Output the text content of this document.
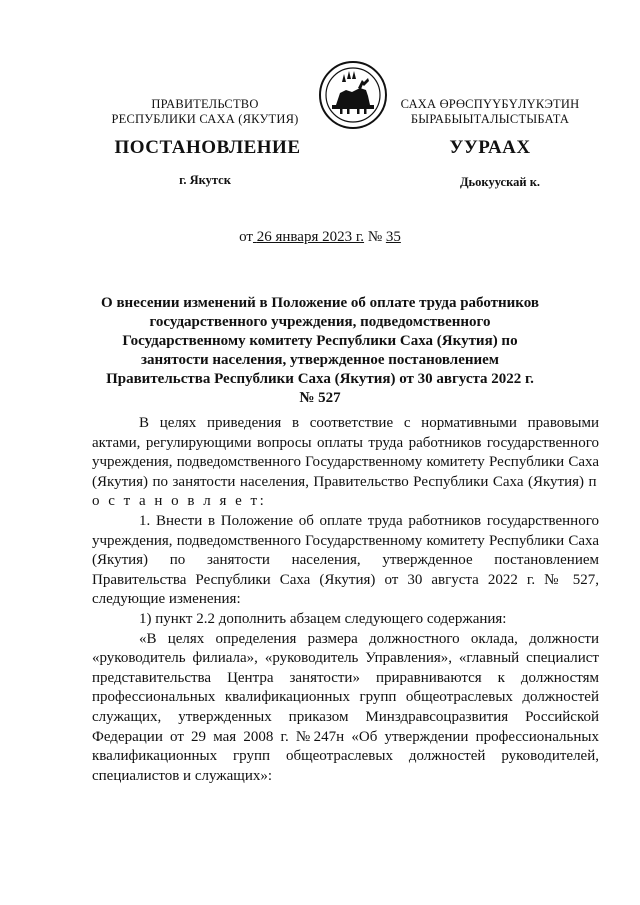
ПРАВИТЕЛЬСТВО
РЕСПУБЛИКИ САХА (ЯКУТИЯ)
САХА ӨРӨСПҮҮБҮЛҮКЭТИН
БЫРАБЫЫТАЛЫСТЫБАТА
ПОСТАНОВЛЕНИЕ	УУРААХ
г. Якутск	Дьокуускай к.
от 26 января 2023 г. № 35
О внесении изменений в Положение об оплате труда работников государственного учреждения, подведомственного Государственному комитету Республики Саха (Якутия) по занятости населения, утвержденное постановлением Правительства Республики Саха (Якутия) от 30 августа 2022 г. № 527

В целях приведения в соответствие с нормативными правовыми актами, регулирующими вопросы оплаты труда работников государственного учреждения, подведомственного Государственному комитету Республики Саха (Якутия) по занятости населения, Правительство Республики Саха (Якутия) п о с т а н о в л я е т:

1. Внести в Положение об оплате труда работников государственного учреждения, подведомственного Государственному комитету Республики Саха (Якутия) по занятости населения, утвержденное постановлением Правительства Республики Саха (Якутия) от 30 августа 2022 г. № 527, следующие изменения:

1) пункт 2.2 дополнить абзацем следующего содержания:

«В целях определения размера должностного оклада, должности «руководитель филиала», «руководитель Управления», «главный специалист представительства Центра занятости» приравниваются к должностям профессиональных квалификационных групп общеотраслевых должностей служащих, утвержденных приказом Минздравсоцразвития Российской Федерации от 29 мая 2008 г. №247н «Об утверждении профессиональных квалификационных групп общеотраслевых должностей руководителей, специалистов и служащих»:
